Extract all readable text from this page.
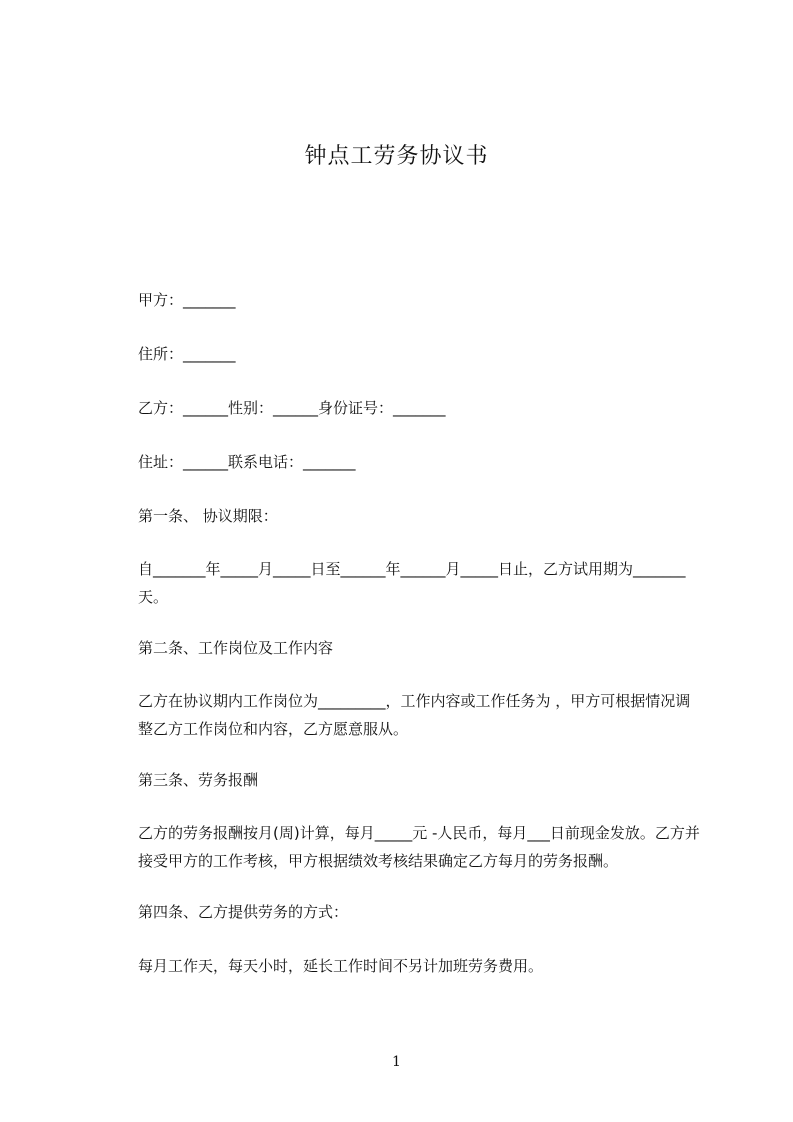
钟点工劳务协议书
甲方：_______
住所：_______
乙方：______性别：______身份证号：_______
住址：______联系电话：_______
第一条、 协议期限：
自_______年_____月_____日至______年______月_____日止，乙方试用期为_______天。
第二条、工作岗位及工作内容
乙方在协议期内工作岗位为_________，工作内容或工作任务为 ，甲方可根据情况调整乙方工作岗位和内容，乙方愿意服从。
第三条、劳务报酬
乙方的劳务报酬按月(周)计算，每月_____元 -人民币，每月___日前现金发放。乙方并接受甲方的工作考核，甲方根据绩效考核结果确定乙方每月的劳务报酬。
第四条、乙方提供劳务的方式：
每月工作天，每天小时，延长工作时间不另计加班劳务费用。
1
